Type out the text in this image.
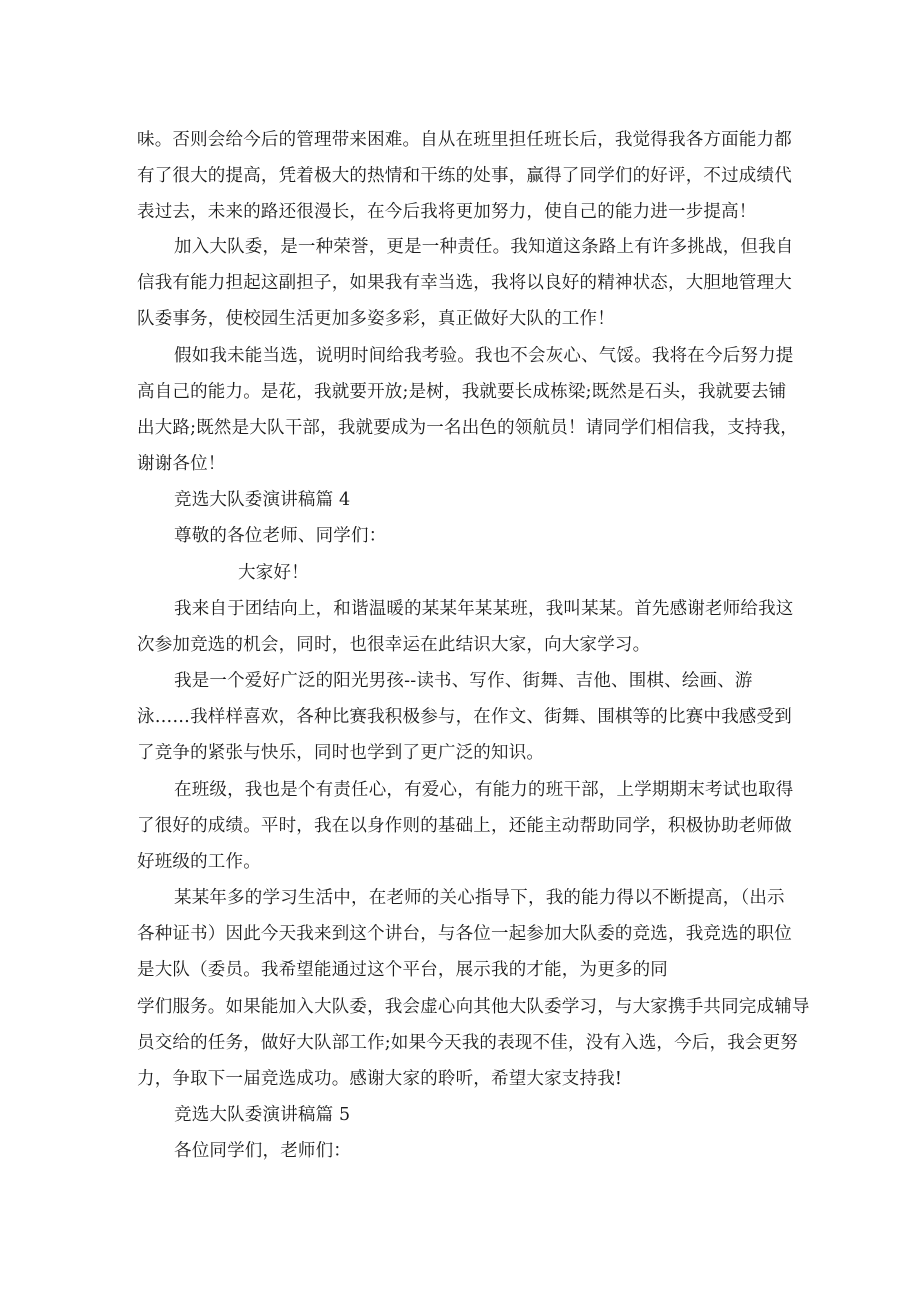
味。否则会给今后的管理带来困难。自从在班里担任班长后，我觉得我各方面能力都
有了很大的提高，凭着极大的热情和干练的处事，赢得了同学们的好评，不过成绩代
表过去，未来的路还很漫长，在今后我将更加努力，使自己的能力进一步提高！
加入大队委，是一种荣誉，更是一种责任。我知道这条路上有许多挑战，但我自
信我有能力担起这副担子，如果我有幸当选，我将以良好的精神状态，大胆地管理大
队委事务，使校园生活更加多姿多彩，真正做好大队的工作！
假如我未能当选，说明时间给我考验。我也不会灰心、气馁。我将在今后努力提
高自己的能力。是花，我就要开放;是树，我就要长成栋梁;既然是石头，我就要去铺
出大路;既然是大队干部，我就要成为一名出色的领航员！请同学们相信我，支持我，
谢谢各位！
竞选大队委演讲稿篇 4
尊敬的各位老师、同学们：
大家好！
我来自于团结向上，和谐温暖的某某年某某班，我叫某某。首先感谢老师给我这
次参加竞选的机会，同时，也很幸运在此结识大家，向大家学习。
我是一个爱好广泛的阳光男孩--读书、写作、街舞、吉他、围棋、绘画、游
泳……我样样喜欢，各种比赛我积极参与，在作文、街舞、围棋等的比赛中我感受到
了竞争的紧张与快乐，同时也学到了更广泛的知识。
在班级，我也是个有责任心，有爱心，有能力的班干部，上学期期末考试也取得
了很好的成绩。平时，我在以身作则的基础上，还能主动帮助同学，积极协助老师做
好班级的工作。
某某年多的学习生活中，在老师的关心指导下，我的能力得以不断提高，（出示
各种证书）因此今天我来到这个讲台，与各位一起参加大队委的竞选，我竞选的职位
是大队（委员。我希望能通过这个平台，展示我的才能，为更多的同
学们服务。如果能加入大队委，我会虚心向其他大队委学习，与大家携手共同完成辅导
员交给的任务，做好大队部工作;如果今天我的表现不佳，没有入选，今后，我会更努
力，争取下一届竞选成功。感谢大家的聆听，希望大家支持我!
竞选大队委演讲稿篇 5
各位同学们，老师们：
